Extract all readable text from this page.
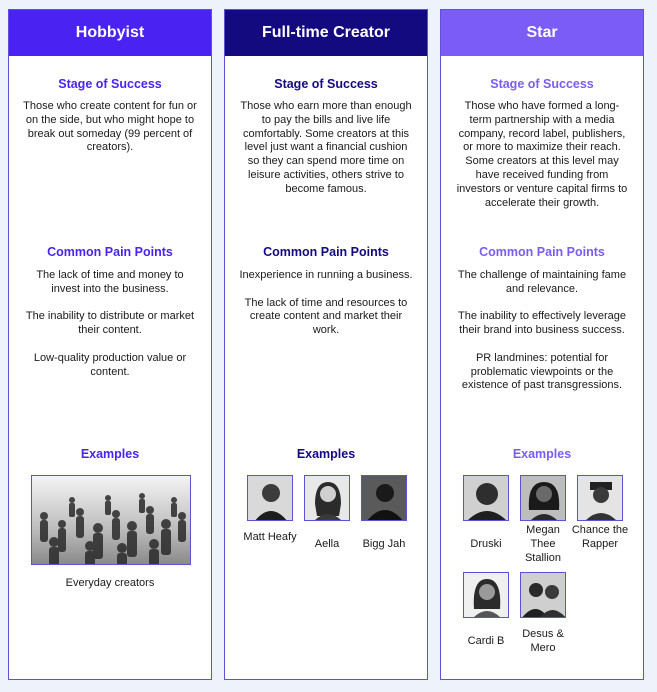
Hobbyist
Stage of Success

Those who create content for fun or on the side, but who might hope to break out someday (99 percent of creators).

Common Pain Points

The lack of time and money to invest into the business.

The inability to distribute or market their content.

Low-quality production value or content.

Examples
Everyday creators
Full-time Creator
Stage of Success

Those who earn more than enough to pay the bills and live life comfortably. Some creators at this level just want a financial cushion so they can spend more time on leisure activities, others strive to become famous.

Common Pain Points

Inexperience in running a business.

The lack of time and resources to create content and market their work.

Examples
Matt Heafy
Aella	Bigg Jah
Star
Stage of Success

Those who have formed a long-term partnership with a media company, record label, publishers, or more to maximize their reach. Some creators at this level may have received funding from investors or venture capital firms to accelerate their growth.

Common Pain Points

The challenge of maintaining fame and relevance.

The inability to effectively leverage their brand into business success.

PR landmines: potential for problematic viewpoints or the existence of past transgressions.

Examples
Druski
Megan Thee Stallion
Chance the Rapper
Cardi B
Desus & Mero
